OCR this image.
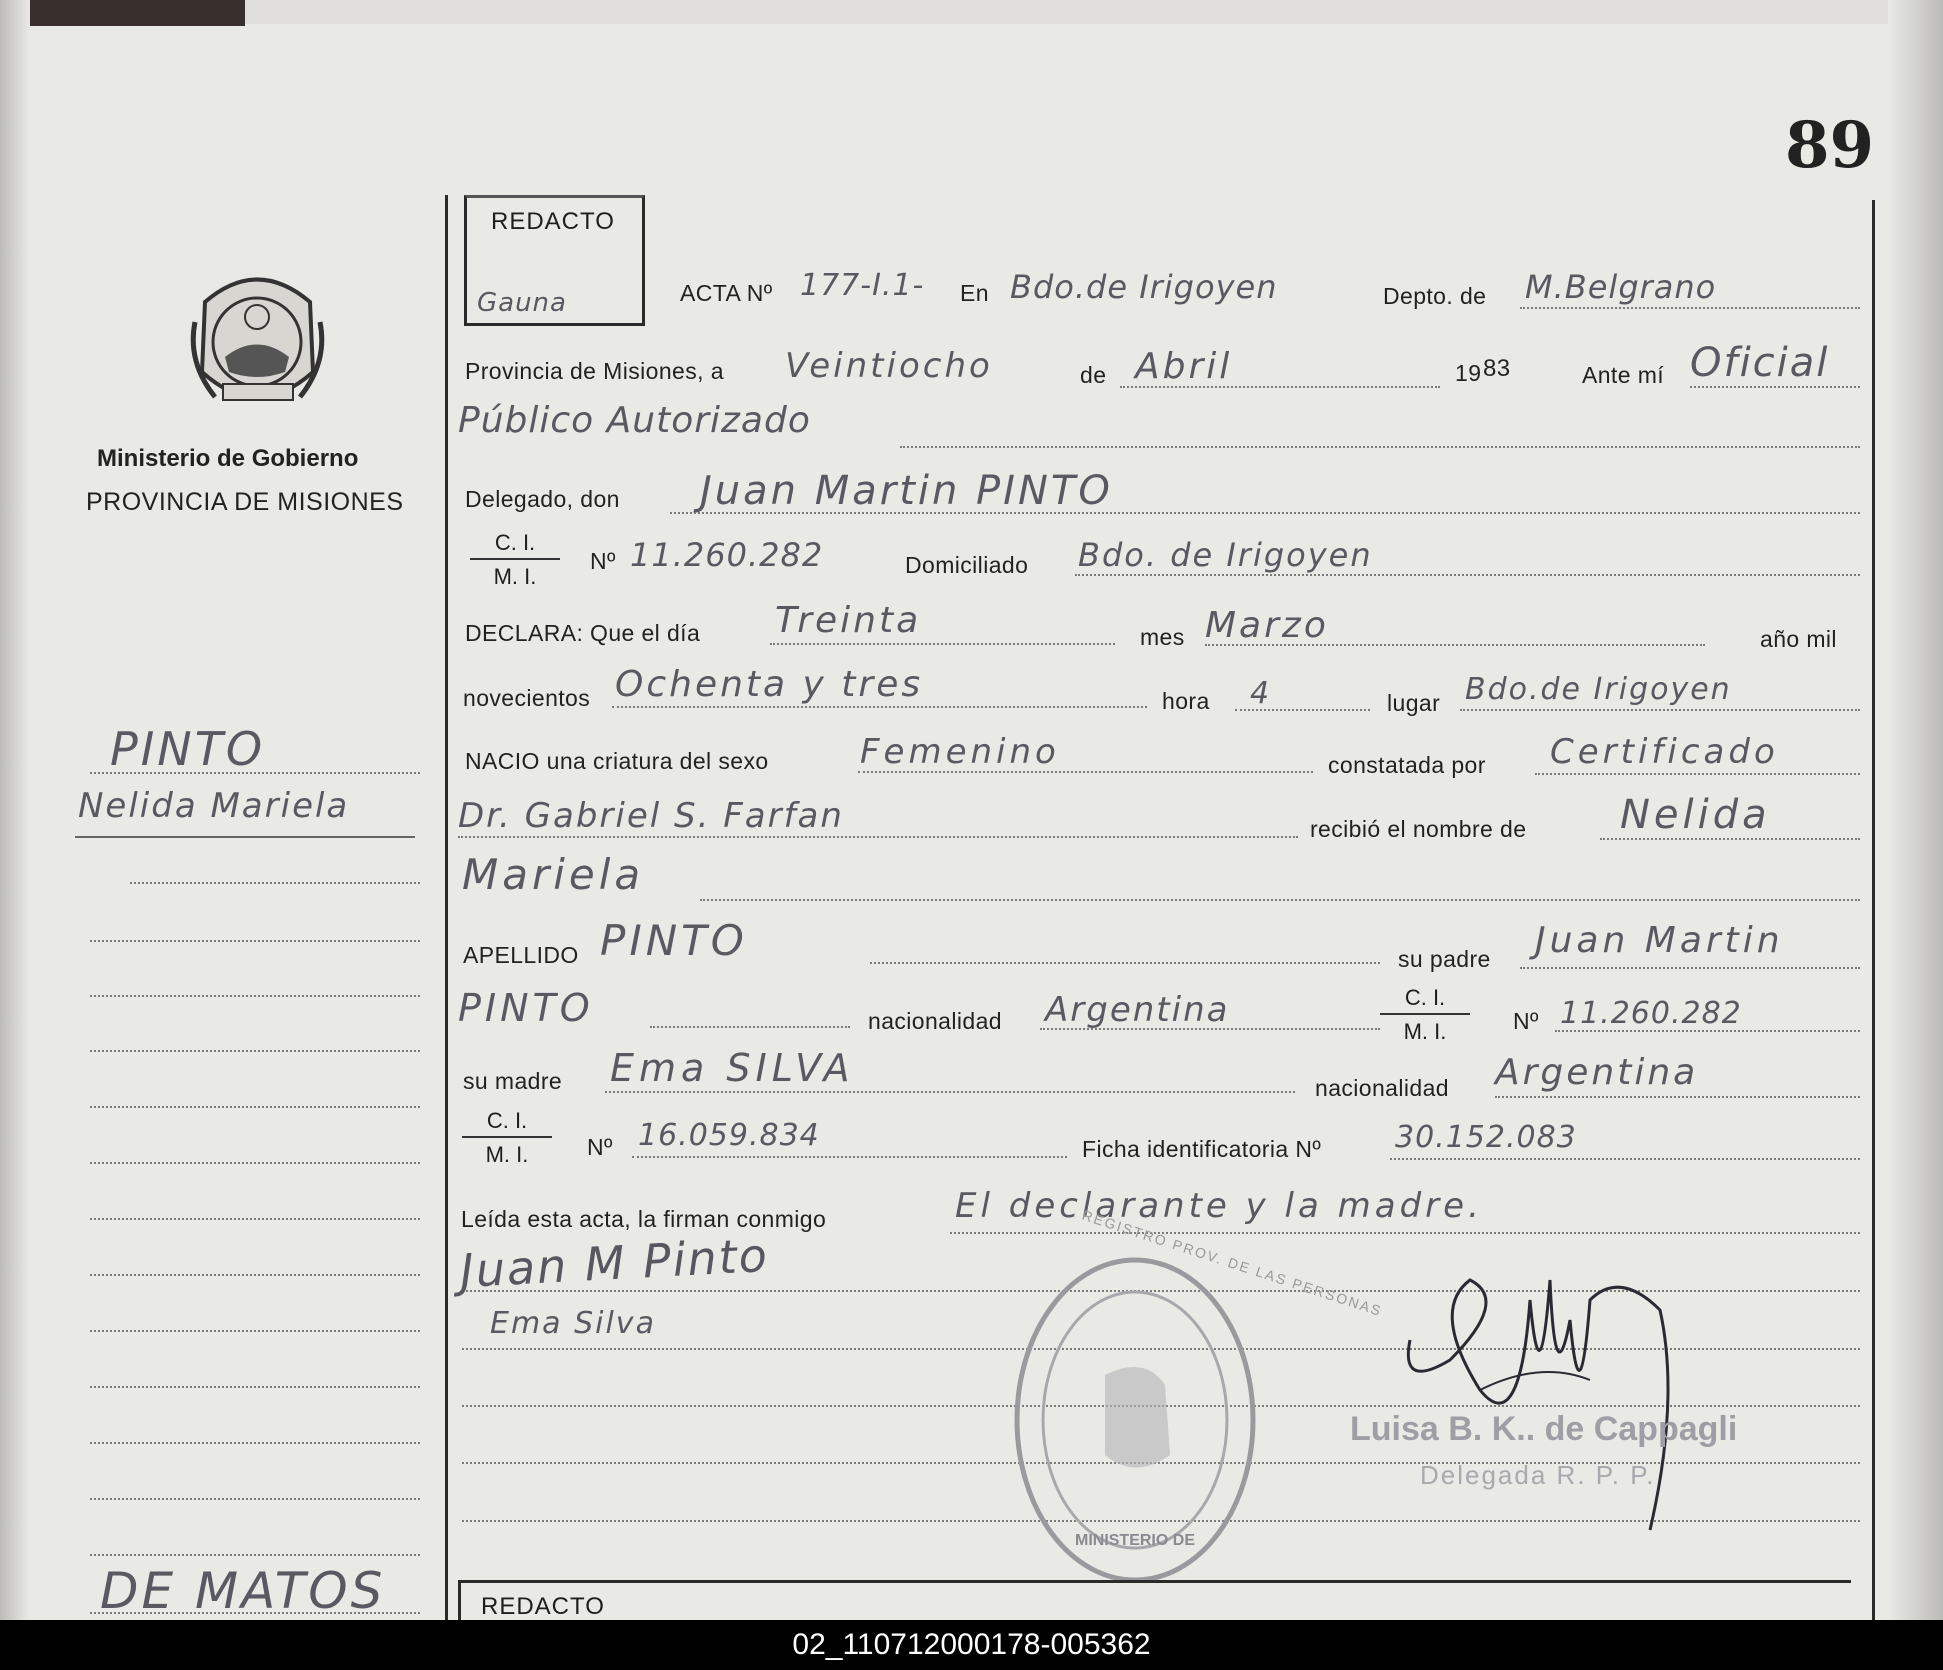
89
Ministerio de Gobierno
PROVINCIA DE MISIONES
PINTO
Nelida Mariela
DE MATOS
REDACTO
Gauna	ACTA Nº 177-I.1- En Bdo.de Irigoyen	Depto. de M.Belgrano
Provincia de Misiones, a Veintiocho	de Abril	19 83	Ante mí Oficial
Público Autorizado
Delegado, don Juan Martin PINTO
$\frac{C. I.}{M. I.}$ Nº 11.260.282	Domiciliado Bdo. de Irigoyen
DECLARA: Que el día Treinta	mes Marzo	año mil
novecientos Ochenta y tres	hora 4	lugar Bdo.de Irigoyen
NACIO una criatura del sexo	Femenino	constatada por Certificado
Dr. Gabriel S. Farfan	recibió el nombre de Nelida
Mariela
APELLIDO PINTO	su padre Juan Martin
PINTO	nacionalidad Argentina	$\frac{C. I.}{M. I.}$ Nº 11.260.282
su madre Ema SILVA	nacionalidad Argentina
$\frac{C. I.}{M. I.}$ Nº 16.059.834	Ficha identificatoria Nº 30.152.083
Leída esta acta, la firman conmigo	El declarante y la madre.
Juan M Pinto
Ema Silva
MINISTERIO DE
REGISTRO PROV. DE LAS PERSONAS
Luisa B. K.. de Cappagli
Delegada R. P. P.
REDACTO
02_110712000178-005362
